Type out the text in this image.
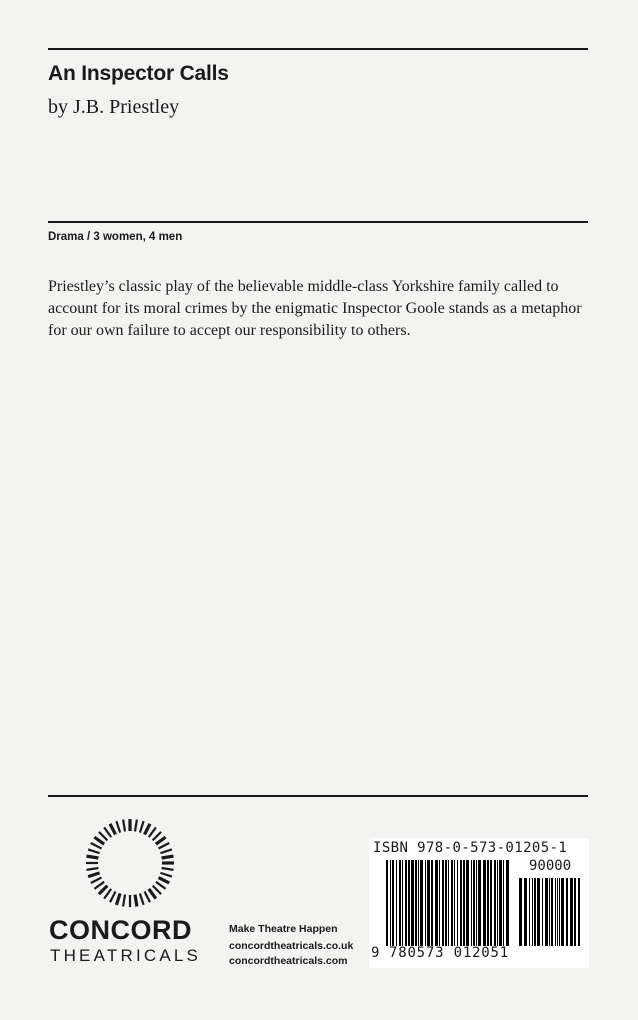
An Inspector Calls

by J.B. Priestley

Drama / 3 women, 4 men

Priestley’s classic play of the believable middle-class Yorkshire family called to account for its moral crimes by the enigmatic Inspector Goole stands as a metaphor for our own failure to accept our responsibility to others.

CONCORD
THEATRICALS
Make Theatre Happen
concordtheatricals.co.uk
concordtheatricals.com
ISBN 978-0-573-01205-1
90000
9 780573 012051
